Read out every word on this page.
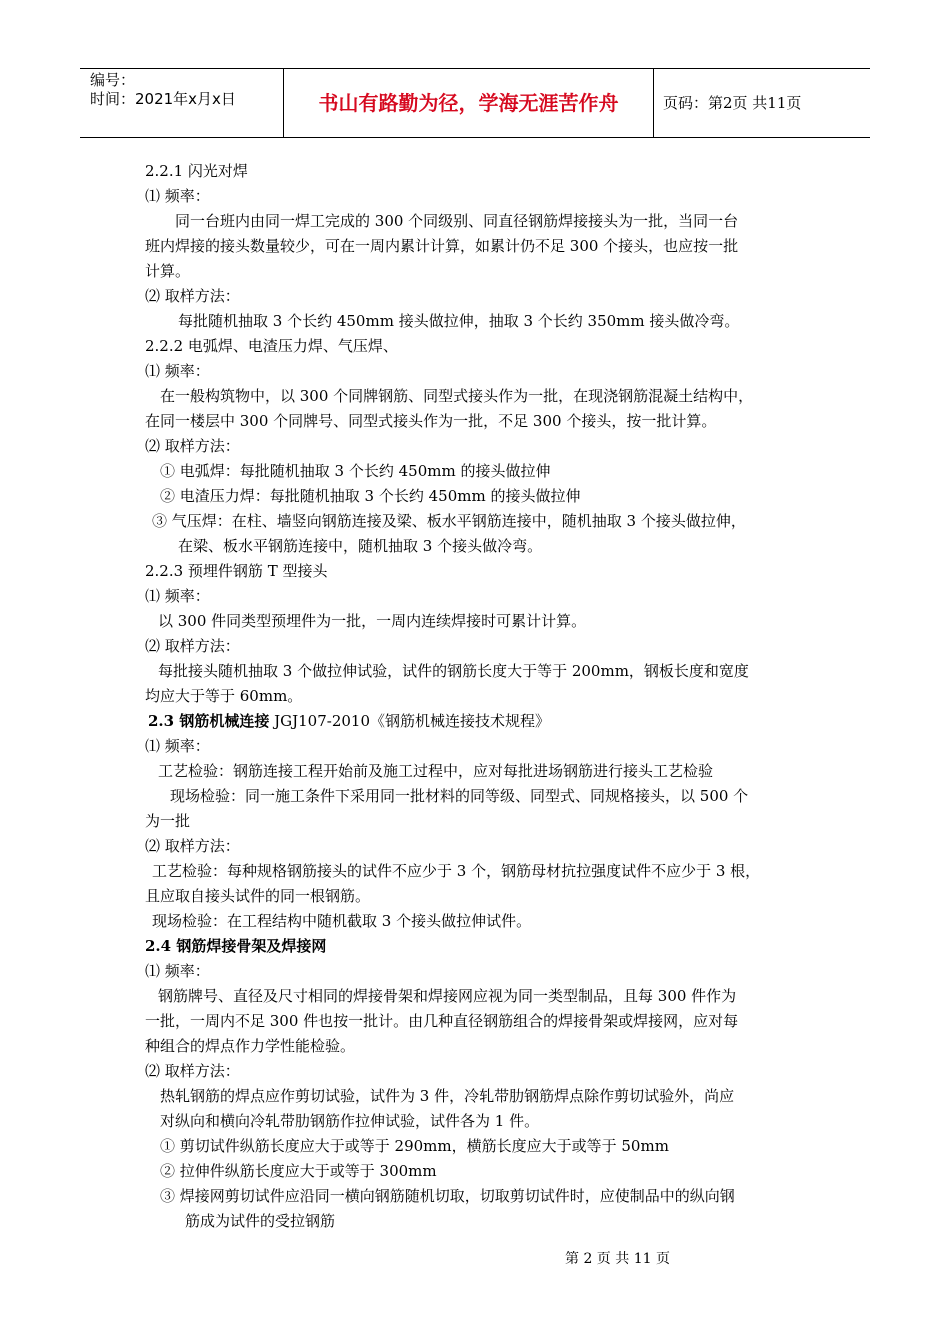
编号：
时间：2021年x月x日	书山有路勤为径，学海无涯苦作舟	页码：第2页 共11页
2.2.1 闪光对焊
⑴ 频率：
同一台班内由同一焊工完成的 300 个同级别、同直径钢筋焊接接头为一批，当同一台
班内焊接的接头数量较少，可在一周内累计计算，如累计仍不足 300 个接头，也应按一批
计算。
⑵ 取样方法：
每批随机抽取 3 个长约 450mm 接头做拉伸，抽取 3 个长约 350mm 接头做冷弯。
2.2.2 电弧焊、电渣压力焊、气压焊、
⑴ 频率：
在一般构筑物中，以 300 个同牌钢筋、同型式接头作为一批，在现浇钢筋混凝土结构中，
在同一楼层中 300 个同牌号、同型式接头作为一批，不足 300 个接头，按一批计算。
⑵ 取样方法：
① 电弧焊：每批随机抽取 3 个长约 450mm 的接头做拉伸
② 电渣压力焊：每批随机抽取 3 个长约 450mm 的接头做拉伸
③ 气压焊：在柱、墙竖向钢筋连接及梁、板水平钢筋连接中，随机抽取 3 个接头做拉伸，
在梁、板水平钢筋连接中，随机抽取 3 个接头做冷弯。
2.2.3 预埋件钢筋 T 型接头
⑴ 频率：
以 300 件同类型预埋件为一批，一周内连续焊接时可累计计算。
⑵ 取样方法：
每批接头随机抽取 3 个做拉伸试验，试件的钢筋长度大于等于 200mm，钢板长度和宽度
均应大于等于 60mm。
2.3 钢筋机械连接 JGJ107-2010《钢筋机械连接技术规程》
⑴ 频率：
工艺检验：钢筋连接工程开始前及施工过程中，应对每批进场钢筋进行接头工艺检验
现场检验：同一施工条件下采用同一批材料的同等级、同型式、同规格接头，以 500 个
为一批
⑵ 取样方法：
工艺检验：每种规格钢筋接头的试件不应少于 3 个，钢筋母材抗拉强度试件不应少于 3 根，
且应取自接头试件的同一根钢筋。
现场检验：在工程结构中随机截取 3 个接头做拉伸试件。
2.4 钢筋焊接骨架及焊接网
⑴ 频率：
钢筋牌号、直径及尺寸相同的焊接骨架和焊接网应视为同一类型制品，且每 300 件作为
一批，一周内不足 300 件也按一批计。由几种直径钢筋组合的焊接骨架或焊接网，应对每
种组合的焊点作力学性能检验。
⑵ 取样方法：
热轧钢筋的焊点应作剪切试验，试件为 3 件，冷轧带肋钢筋焊点除作剪切试验外，尚应
对纵向和横向冷轧带肋钢筋作拉伸试验，试件各为 1 件。
① 剪切试件纵筋长度应大于或等于 290mm，横筋长度应大于或等于 50mm
② 拉伸件纵筋长度应大于或等于 300mm
③ 焊接网剪切试件应沿同一横向钢筋随机切取，切取剪切试件时，应使制品中的纵向钢
筋成为试件的受拉钢筋
第 2 页 共 11 页
